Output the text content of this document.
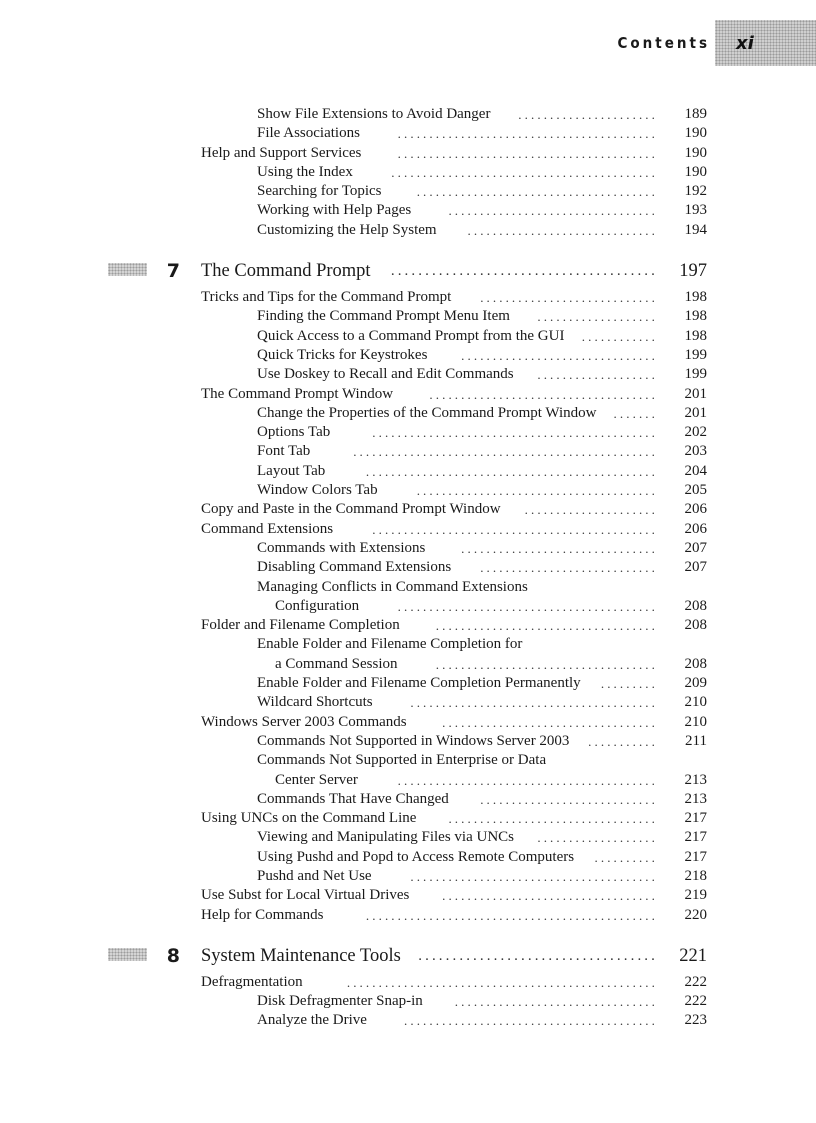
Contents xi
Show File Extensions to Avoid Danger	......................	189
File Associations	.........................................	190
Help and Support Services	.........................................	190
Using the Index	..........................................	190
Searching for Topics	......................................	192
Working with Help Pages	.................................	193
Customizing the Help System	..............................	194
7 The Command Prompt	.......................................	197
Tricks and Tips for the Command Prompt	............................	198
Finding the Command Prompt Menu Item	...................	198
Quick Access to a Command Prompt from the GUI	............	198
Quick Tricks for Keystrokes	...............................	199
Use Doskey to Recall and Edit Commands	...................	199
The Command Prompt Window	....................................	201
Change the Properties of the Command Prompt Window	.......	201
Options Tab	.............................................	202
Font Tab	................................................	203
Layout Tab	..............................................	204
Window Colors Tab	......................................	205
Copy and Paste in the Command Prompt Window	.....................	206
Command Extensions	.............................................	206
Commands with Extensions	...............................	207
Disabling Command Extensions	............................	207
Managing Conflicts in Command Extensions
Configuration	.........................................	208
Folder and Filename Completion	...................................	208
Enable Folder and Filename Completion for
a Command Session	...................................	208
Enable Folder and Filename Completion Permanently	.........	209
Wildcard Shortcuts	.......................................	210
Windows Server 2003 Commands	..................................	210
Commands Not Supported in Windows Server 2003	...........	211
Commands Not Supported in Enterprise or Data
Center Server	.........................................	213
Commands That Have Changed	............................	213
Using UNCs on the Command Line	.................................	217
Viewing and Manipulating Files via UNCs	...................	217
Using Pushd and Popd to Access Remote Computers	..........	217
Pushd and Net Use	.......................................	218
Use Subst for Local Virtual Drives	..................................	219
Help for Commands	..............................................	220
8 System Maintenance Tools	...................................	221
Defragmentation	.................................................	222
Disk Defragmenter Snap-in	................................	222
Analyze the Drive	........................................	223
